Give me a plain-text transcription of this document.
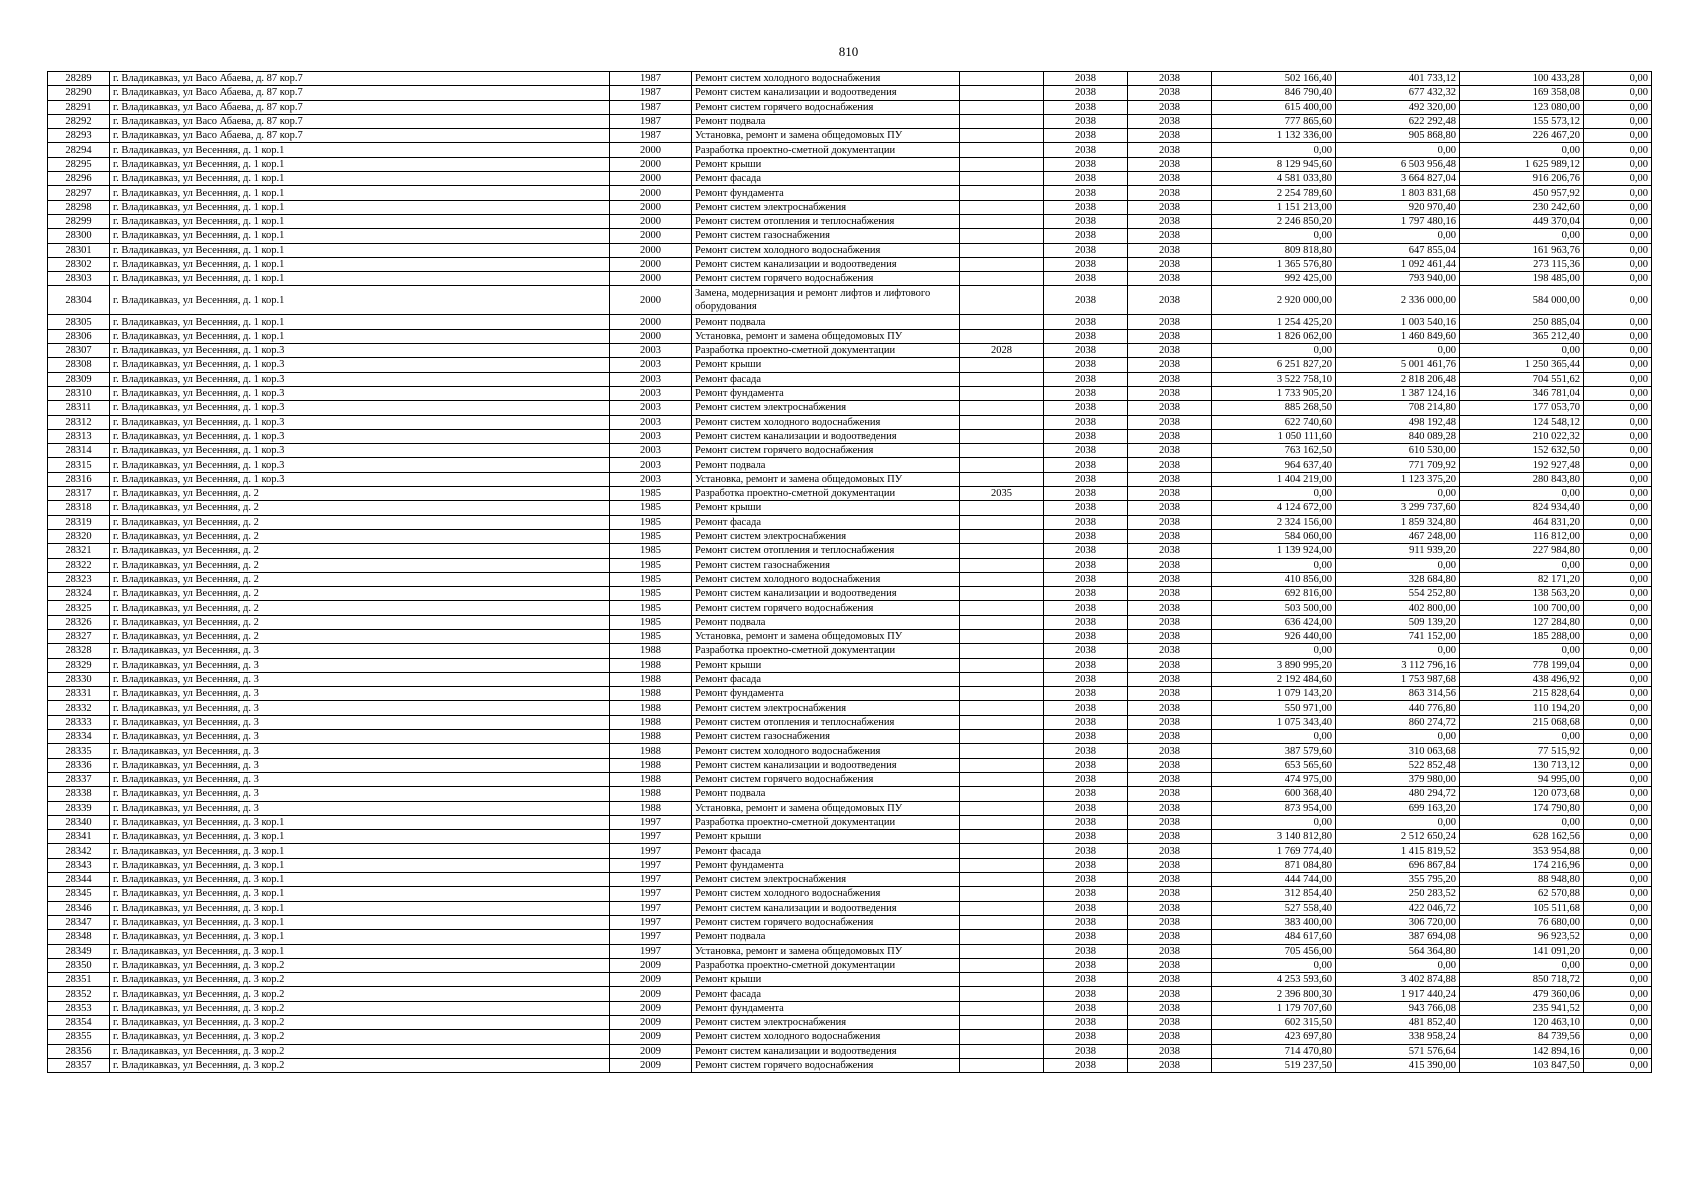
810
28289	г. Владикавказ, ул Васо Абаева, д. 87 кор.7	1987	Ремонт систем холодного водоснабжения		2038	2038	502 166,40	401 733,12	100 433,28	0,00
28290	г. Владикавказ, ул Васо Абаева, д. 87 кор.7	1987	Ремонт систем канализации и водоотведения		2038	2038	846 790,40	677 432,32	169 358,08	0,00
28291	г. Владикавказ, ул Васо Абаева, д. 87 кор.7	1987	Ремонт систем горячего водоснабжения		2038	2038	615 400,00	492 320,00	123 080,00	0,00
28292	г. Владикавказ, ул Васо Абаева, д. 87 кор.7	1987	Ремонт подвала		2038	2038	777 865,60	622 292,48	155 573,12	0,00
28293	г. Владикавказ, ул Васо Абаева, д. 87 кор.7	1987	Установка, ремонт и замена общедомовых ПУ		2038	2038	1 132 336,00	905 868,80	226 467,20	0,00
28294	г. Владикавказ, ул Весенняя, д. 1 кор.1	2000	Разработка проектно-сметной документации		2038	2038	0,00	0,00	0,00	0,00
28295	г. Владикавказ, ул Весенняя, д. 1 кор.1	2000	Ремонт крыши		2038	2038	8 129 945,60	6 503 956,48	1 625 989,12	0,00
28296	г. Владикавказ, ул Весенняя, д. 1 кор.1	2000	Ремонт фасада		2038	2038	4 581 033,80	3 664 827,04	916 206,76	0,00
28297	г. Владикавказ, ул Весенняя, д. 1 кор.1	2000	Ремонт фундамента		2038	2038	2 254 789,60	1 803 831,68	450 957,92	0,00
28298	г. Владикавказ, ул Весенняя, д. 1 кор.1	2000	Ремонт систем электроснабжения		2038	2038	1 151 213,00	920 970,40	230 242,60	0,00
28299	г. Владикавказ, ул Весенняя, д. 1 кор.1	2000	Ремонт систем отопления и теплоснабжения		2038	2038	2 246 850,20	1 797 480,16	449 370,04	0,00
28300	г. Владикавказ, ул Весенняя, д. 1 кор.1	2000	Ремонт систем газоснабжения		2038	2038	0,00	0,00	0,00	0,00
28301	г. Владикавказ, ул Весенняя, д. 1 кор.1	2000	Ремонт систем холодного водоснабжения		2038	2038	809 818,80	647 855,04	161 963,76	0,00
28302	г. Владикавказ, ул Весенняя, д. 1 кор.1	2000	Ремонт систем канализации и водоотведения		2038	2038	1 365 576,80	1 092 461,44	273 115,36	0,00
28303	г. Владикавказ, ул Весенняя, д. 1 кор.1	2000	Ремонт систем горячего водоснабжения		2038	2038	992 425,00	793 940,00	198 485,00	0,00
28304	г. Владикавказ, ул Весенняя, д. 1 кор.1	2000	Замена, модернизация и ремонт лифтов и лифтового оборудования		2038	2038	2 920 000,00	2 336 000,00	584 000,00	0,00
28305	г. Владикавказ, ул Весенняя, д. 1 кор.1	2000	Ремонт подвала		2038	2038	1 254 425,20	1 003 540,16	250 885,04	0,00
28306	г. Владикавказ, ул Весенняя, д. 1 кор.1	2000	Установка, ремонт и замена общедомовых ПУ		2038	2038	1 826 062,00	1 460 849,60	365 212,40	0,00
28307	г. Владикавказ, ул Весенняя, д. 1 кор.3	2003	Разработка проектно-сметной документации	2028	2038	2038	0,00	0,00	0,00	0,00
28308	г. Владикавказ, ул Весенняя, д. 1 кор.3	2003	Ремонт крыши		2038	2038	6 251 827,20	5 001 461,76	1 250 365,44	0,00
28309	г. Владикавказ, ул Весенняя, д. 1 кор.3	2003	Ремонт фасада		2038	2038	3 522 758,10	2 818 206,48	704 551,62	0,00
28310	г. Владикавказ, ул Весенняя, д. 1 кор.3	2003	Ремонт фундамента		2038	2038	1 733 905,20	1 387 124,16	346 781,04	0,00
28311	г. Владикавказ, ул Весенняя, д. 1 кор.3	2003	Ремонт систем электроснабжения		2038	2038	885 268,50	708 214,80	177 053,70	0,00
28312	г. Владикавказ, ул Весенняя, д. 1 кор.3	2003	Ремонт систем холодного водоснабжения		2038	2038	622 740,60	498 192,48	124 548,12	0,00
28313	г. Владикавказ, ул Весенняя, д. 1 кор.3	2003	Ремонт систем канализации и водоотведения		2038	2038	1 050 111,60	840 089,28	210 022,32	0,00
28314	г. Владикавказ, ул Весенняя, д. 1 кор.3	2003	Ремонт систем горячего водоснабжения		2038	2038	763 162,50	610 530,00	152 632,50	0,00
28315	г. Владикавказ, ул Весенняя, д. 1 кор.3	2003	Ремонт подвала		2038	2038	964 637,40	771 709,92	192 927,48	0,00
28316	г. Владикавказ, ул Весенняя, д. 1 кор.3	2003	Установка, ремонт и замена общедомовых ПУ		2038	2038	1 404 219,00	1 123 375,20	280 843,80	0,00
28317	г. Владикавказ, ул Весенняя, д. 2	1985	Разработка проектно-сметной документации	2035	2038	2038	0,00	0,00	0,00	0,00
28318	г. Владикавказ, ул Весенняя, д. 2	1985	Ремонт крыши		2038	2038	4 124 672,00	3 299 737,60	824 934,40	0,00
28319	г. Владикавказ, ул Весенняя, д. 2	1985	Ремонт фасада		2038	2038	2 324 156,00	1 859 324,80	464 831,20	0,00
28320	г. Владикавказ, ул Весенняя, д. 2	1985	Ремонт систем электроснабжения		2038	2038	584 060,00	467 248,00	116 812,00	0,00
28321	г. Владикавказ, ул Весенняя, д. 2	1985	Ремонт систем отопления и теплоснабжения		2038	2038	1 139 924,00	911 939,20	227 984,80	0,00
28322	г. Владикавказ, ул Весенняя, д. 2	1985	Ремонт систем газоснабжения		2038	2038	0,00	0,00	0,00	0,00
28323	г. Владикавказ, ул Весенняя, д. 2	1985	Ремонт систем холодного водоснабжения		2038	2038	410 856,00	328 684,80	82 171,20	0,00
28324	г. Владикавказ, ул Весенняя, д. 2	1985	Ремонт систем канализации и водоотведения		2038	2038	692 816,00	554 252,80	138 563,20	0,00
28325	г. Владикавказ, ул Весенняя, д. 2	1985	Ремонт систем горячего водоснабжения		2038	2038	503 500,00	402 800,00	100 700,00	0,00
28326	г. Владикавказ, ул Весенняя, д. 2	1985	Ремонт подвала		2038	2038	636 424,00	509 139,20	127 284,80	0,00
28327	г. Владикавказ, ул Весенняя, д. 2	1985	Установка, ремонт и замена общедомовых ПУ		2038	2038	926 440,00	741 152,00	185 288,00	0,00
28328	г. Владикавказ, ул Весенняя, д. 3	1988	Разработка проектно-сметной документации		2038	2038	0,00	0,00	0,00	0,00
28329	г. Владикавказ, ул Весенняя, д. 3	1988	Ремонт крыши		2038	2038	3 890 995,20	3 112 796,16	778 199,04	0,00
28330	г. Владикавказ, ул Весенняя, д. 3	1988	Ремонт фасада		2038	2038	2 192 484,60	1 753 987,68	438 496,92	0,00
28331	г. Владикавказ, ул Весенняя, д. 3	1988	Ремонт фундамента		2038	2038	1 079 143,20	863 314,56	215 828,64	0,00
28332	г. Владикавказ, ул Весенняя, д. 3	1988	Ремонт систем электроснабжения		2038	2038	550 971,00	440 776,80	110 194,20	0,00
28333	г. Владикавказ, ул Весенняя, д. 3	1988	Ремонт систем отопления и теплоснабжения		2038	2038	1 075 343,40	860 274,72	215 068,68	0,00
28334	г. Владикавказ, ул Весенняя, д. 3	1988	Ремонт систем газоснабжения		2038	2038	0,00	0,00	0,00	0,00
28335	г. Владикавказ, ул Весенняя, д. 3	1988	Ремонт систем холодного водоснабжения		2038	2038	387 579,60	310 063,68	77 515,92	0,00
28336	г. Владикавказ, ул Весенняя, д. 3	1988	Ремонт систем канализации и водоотведения		2038	2038	653 565,60	522 852,48	130 713,12	0,00
28337	г. Владикавказ, ул Весенняя, д. 3	1988	Ремонт систем горячего водоснабжения		2038	2038	474 975,00	379 980,00	94 995,00	0,00
28338	г. Владикавказ, ул Весенняя, д. 3	1988	Ремонт подвала		2038	2038	600 368,40	480 294,72	120 073,68	0,00
28339	г. Владикавказ, ул Весенняя, д. 3	1988	Установка, ремонт и замена общедомовых ПУ		2038	2038	873 954,00	699 163,20	174 790,80	0,00
28340	г. Владикавказ, ул Весенняя, д. 3 кор.1	1997	Разработка проектно-сметной документации		2038	2038	0,00	0,00	0,00	0,00
28341	г. Владикавказ, ул Весенняя, д. 3 кор.1	1997	Ремонт крыши		2038	2038	3 140 812,80	2 512 650,24	628 162,56	0,00
28342	г. Владикавказ, ул Весенняя, д. 3 кор.1	1997	Ремонт фасада		2038	2038	1 769 774,40	1 415 819,52	353 954,88	0,00
28343	г. Владикавказ, ул Весенняя, д. 3 кор.1	1997	Ремонт фундамента		2038	2038	871 084,80	696 867,84	174 216,96	0,00
28344	г. Владикавказ, ул Весенняя, д. 3 кор.1	1997	Ремонт систем электроснабжения		2038	2038	444 744,00	355 795,20	88 948,80	0,00
28345	г. Владикавказ, ул Весенняя, д. 3 кор.1	1997	Ремонт систем холодного водоснабжения		2038	2038	312 854,40	250 283,52	62 570,88	0,00
28346	г. Владикавказ, ул Весенняя, д. 3 кор.1	1997	Ремонт систем канализации и водоотведения		2038	2038	527 558,40	422 046,72	105 511,68	0,00
28347	г. Владикавказ, ул Весенняя, д. 3 кор.1	1997	Ремонт систем горячего водоснабжения		2038	2038	383 400,00	306 720,00	76 680,00	0,00
28348	г. Владикавказ, ул Весенняя, д. 3 кор.1	1997	Ремонт подвала		2038	2038	484 617,60	387 694,08	96 923,52	0,00
28349	г. Владикавказ, ул Весенняя, д. 3 кор.1	1997	Установка, ремонт и замена общедомовых ПУ		2038	2038	705 456,00	564 364,80	141 091,20	0,00
28350	г. Владикавказ, ул Весенняя, д. 3 кор.2	2009	Разработка проектно-сметной документации		2038	2038	0,00	0,00	0,00	0,00
28351	г. Владикавказ, ул Весенняя, д. 3 кор.2	2009	Ремонт крыши		2038	2038	4 253 593,60	3 402 874,88	850 718,72	0,00
28352	г. Владикавказ, ул Весенняя, д. 3 кор.2	2009	Ремонт фасада		2038	2038	2 396 800,30	1 917 440,24	479 360,06	0,00
28353	г. Владикавказ, ул Весенняя, д. 3 кор.2	2009	Ремонт фундамента		2038	2038	1 179 707,60	943 766,08	235 941,52	0,00
28354	г. Владикавказ, ул Весенняя, д. 3 кор.2	2009	Ремонт систем электроснабжения		2038	2038	602 315,50	481 852,40	120 463,10	0,00
28355	г. Владикавказ, ул Весенняя, д. 3 кор.2	2009	Ремонт систем холодного водоснабжения		2038	2038	423 697,80	338 958,24	84 739,56	0,00
28356	г. Владикавказ, ул Весенняя, д. 3 кор.2	2009	Ремонт систем канализации и водоотведения		2038	2038	714 470,80	571 576,64	142 894,16	0,00
28357	г. Владикавказ, ул Весенняя, д. 3 кор.2	2009	Ремонт систем горячего водоснабжения		2038	2038	519 237,50	415 390,00	103 847,50	0,00
